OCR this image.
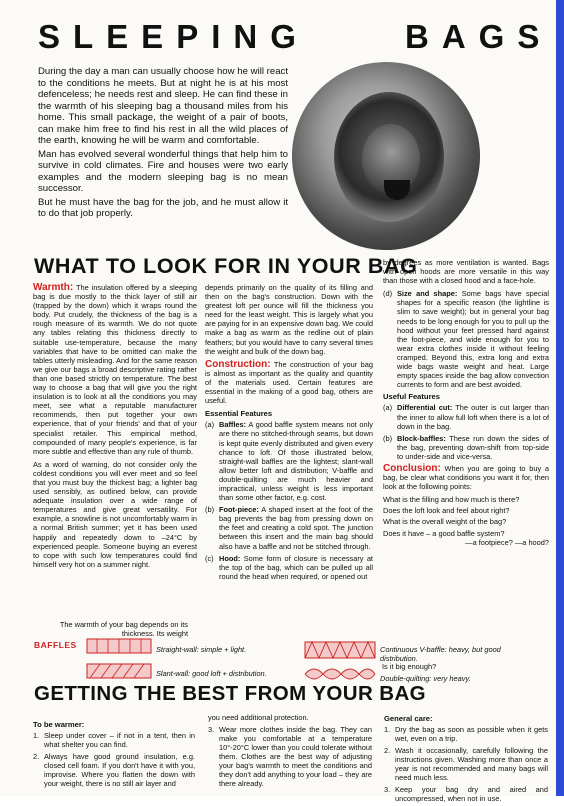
SLEEPING	BAGS

During the day a man can usually choose how he will react to the conditions he meets. But at night he is at his most defenceless; he needs rest and sleep. He can find these in the warmth of his sleeping bag a thousand miles from his home. This small package, the weight of a pair of boots, can make him free to find his rest in all the wild places of the earth, knowing he will be warm and comfortable.

Man has evolved several wonderful things that help him to survive in cold climates. Fire and houses were two early examples and the modern sleeping bag is no mean successor.

But he must have the bag for the job, and he must allow it to do that job properly.

WHAT TO LOOK FOR IN YOUR BAG

Warmth: The insulation offered by a sleeping bag is due mostly to the thick layer of still air (trapped by the down) which it wraps round the body. Put crudely, the thickness of the bag is a rough measure of its warmth. We do not quote any tables relating this thickness directly to suitable use-temperature, because the many variables that have to be omitted can make the tables utterly misleading. And for the same reason we give our bags a broad descriptive rating rather than one based strictly on temperature. The best way to choose a bag that will give you the right insulation is to look at all the conditions you may meet, see what a reputable manufacturer recommends, then put together your own experience, that of your friends' and that of your specialist retailer. This empirical method, compounded of many people's experience, is far more subtle and effective than any rule of thumb.

As a word of warning, do not consider only the coldest conditions you will ever meet and so feel that you must buy the thickest bag; a lighter bag used sensibly, as outlined below, can provide adequate insulation over a wide range of temperatures and give great versatility. For example, a snowline is not uncomfortably warm in a normal British summer; yet it has been used happily and repeatedly down to –24°C by experienced people. Someone buying an everest to cope with such low temperatures could find himself very hot on a summer night.

The warmth of your bag depends on its thickness. Its weight

depends primarily on the quality of its filling and then on the bag's construction. Down with the greatest loft per ounce will fill the thickness you need for the least weight. This is largely what you are paying for in an expensive down bag. We could make a bag as warm as the redline out of plain feathers; but you would have to carry several times the weight and bulk of the down bag.

Construction: The construction of your bag is almost as important as the quality and quantity of the materials used. Certain features are essential in the making of a good bag, others are useful.

Essential Features
(a) Baffles: A good baffle system means not only are there no stitched-through seams, but down is kept quite evenly distributed and given every chance to loft. Of those illustrated below, straight-wall baffles are the lightest; slant-wall allow better loft and distribution; V-baffle and double-quilting are much heavier and impractical, unless weight is less important than some other factor, e.g. cost.
(b) Foot-piece: A shaped insert at the foot of the bag prevents the bag from pressing down on the feet and creating a cold spot. The junction between this insert and the main bag should also have a baffle and not be stitched through.
(c) Hood: Some form of closure is necessary at the top of the bag, which can be pulled up all round the head when required, or opened out

by degrees as more ventilation is wanted. Bags with open hoods are more versatile in this way than those with a closed hood and a face-hole.

(d) Size and shape: Some bags have special shapes for a specific reason (the lightline is slim to save weight); but in general your bag needs to be long enough for you to pull up the hood without your feet pressed hard against the foot-piece, and wide enough for you to wear extra clothes inside it without feeling cramped. Beyond this, extra long and extra wide bags waste weight and heat. Large empty spaces inside the bag allow convection currents to form and are best avoided.
Useful Features
(a) Differential cut: The outer is cut larger than the inner to allow full loft when there is a lot of down in the bag.
(b) Block-baffles: These run down the sides of the bag, preventing down-shift from top-side to under-side and vice-versa.

Conclusion: When you are going to buy a bag, be clear what conditions you want it for, then look at the following points:

What is the filling and how much is there?

Does the loft look and feel about right?

What is the overall weight of the bag?

Does it have – a good baffle system?

—a footpiece? —a hood?

Is it big enough?
BAFFLES	Straight-wall: simple + light.
Slant-wall: good loft + distribution.
Continuous V-baffle: heavy, but good distribution.
Double-quilting: very heavy.
GETTING THE BEST FROM YOUR BAG
To be warmer:
1. Sleep under cover – if not in a tent, then in what shelter you can find.
2. Always have good ground insulation, e.g. closed cell foam. If you don't have it with you, improvise. Where you flatten the down with your weight, there is no still air layer and

you need additional protection.

3. Wear more clothes inside the bag. They can make you comfortable at a temperature 10°-20°C lower than you could tolerate without them. Clothes are the best way of adjusting your bag's warmth to meet the conditions and they don't add anything to your load – they are there already.
General care:
1. Dry the bag as soon as possible when it gets wet, even on a trip.
2. Wash it occasionally, carefully following the instructions given. Washing more than once a year is not recommended and many bags will need much less.
3. Keep your bag dry and aired and uncompressed, when not in use.
